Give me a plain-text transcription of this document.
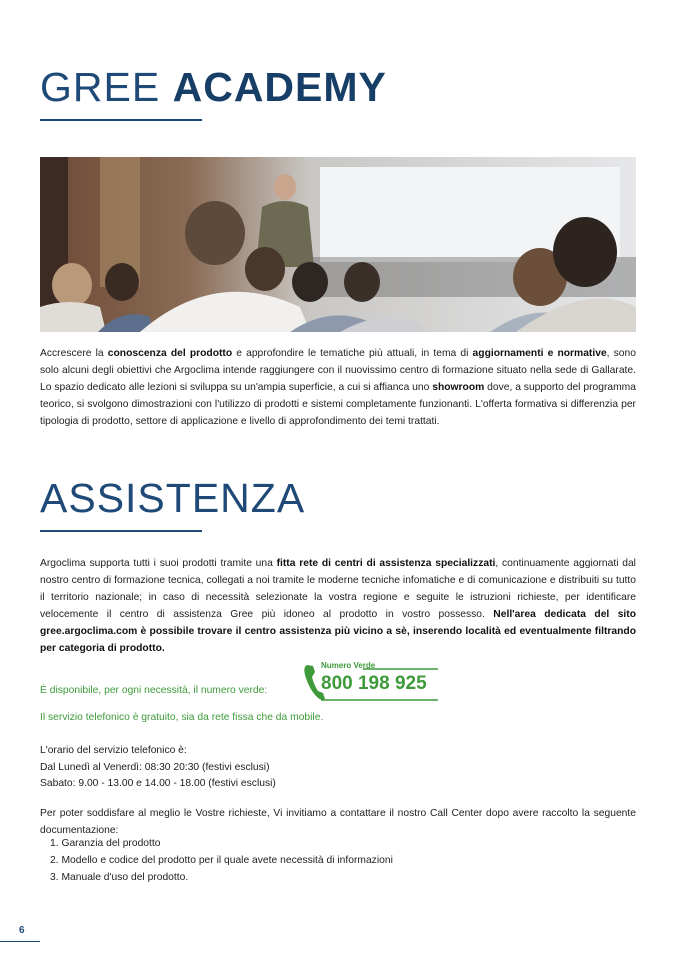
GREE ACADEMY

Accrescere la conoscenza del prodotto e approfondire le tematiche più attuali, in tema di aggiornamenti e normative, sono solo alcuni degli obiettivi che Argoclima intende raggiungere con il nuovissimo centro di formazione situato nella sede di Gallarate. Lo spazio dedicato alle lezioni si sviluppa su un'ampia superficie, a cui si affianca uno showroom dove, a supporto del programma teorico, si svolgono dimostrazioni con l'utilizzo di prodotti e sistemi completamente funzionanti. L'offerta formativa si differenzia per tipologia di prodotto, settore di applicazione e livello di approfondimento dei temi trattati.

ASSISTENZA

Argoclima supporta tutti i suoi prodotti tramite una fitta rete di centri di assistenza specializzati, continuamente aggiornati dal nostro centro di formazione tecnica, collegati a noi tramite le moderne tecniche infomatiche e di comunicazione e distribuiti su tutto il territorio nazionale; in caso di necessità selezionate la vostra regione e seguite le istruzioni richieste, per identificare velocemente il centro di assistenza Gree più idoneo al prodotto in vostro possesso. Nell'area dedicata del sito gree.argoclima.com è possibile trovare il centro assistenza più vicino a sè, inserendo località ed eventualmente filtrando per categoria di prodotto.

È disponibile, per ogni necessità, il numero verde:

Numero Verde
800 198 925

Il servizio telefonico è gratuito, sia da rete fissa che da mobile.

L'orario del servizio telefonico è:

Dal Lunedì al Venerdì: 08:30 20:30 (festivi esclusi)

Sabato: 9.00 - 13.00 e 14.00 - 18.00 (festivi esclusi)

Per poter soddisfare al meglio le Vostre richieste, Vi invitiamo a contattare il nostro Call Center dopo avere raccolto la seguente documentazione:

1. Garanzia del prodotto
2. Modello e codice del prodotto per il quale avete necessità di informazioni
3. Manuale d'uso del prodotto.
6
